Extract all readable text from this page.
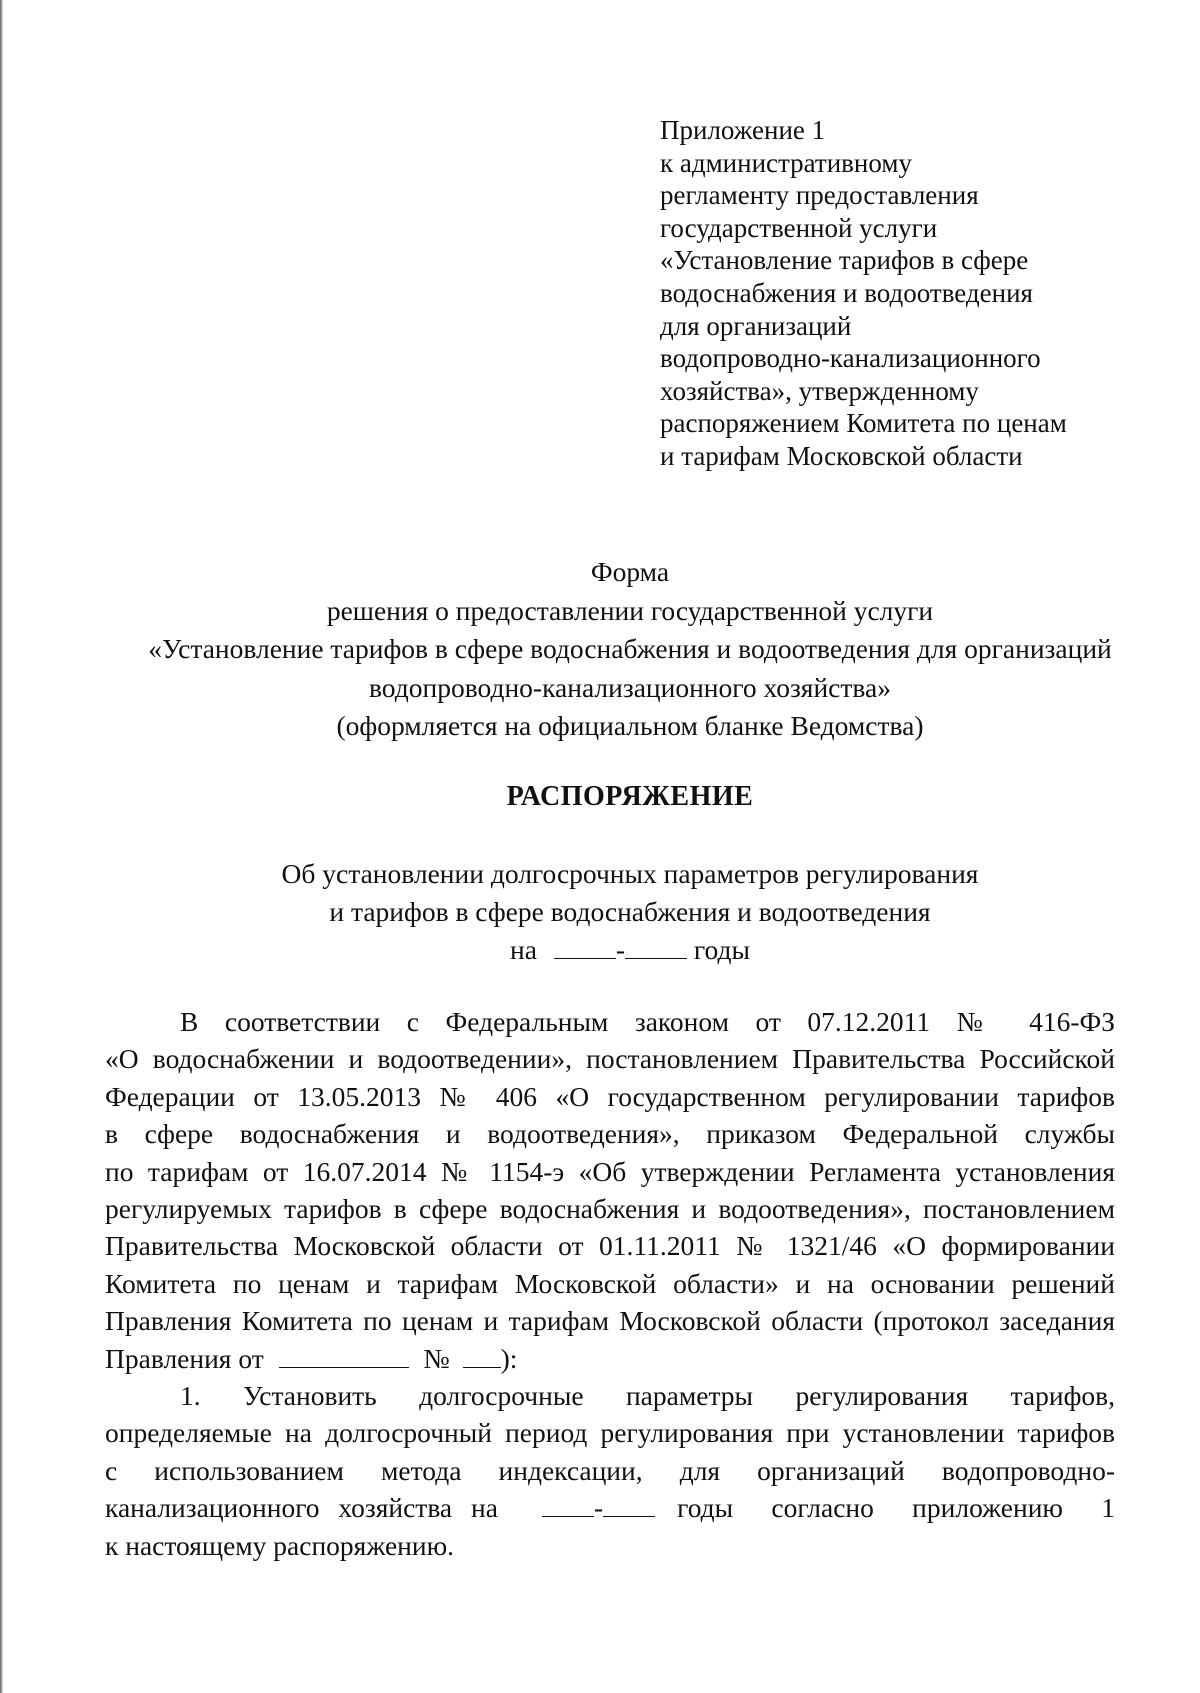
Приложение 1
к административному
регламенту предоставления
государственной услуги
«Установление тарифов в сфере
водоснабжения и водоотведения
для организаций
водопроводно-канализационного
хозяйства», утвержденному
распоряжением Комитета по ценам
и тарифам Московской области
Форма
решения о предоставлении государственной услуги
«Установление тарифов в сфере водоснабжения и водоотведения для организаций
водопроводно-канализационного хозяйства»
(оформляется на официальном бланке Ведомства)
РАСПОРЯЖЕНИЕ
Об установлении долгосрочных параметров регулирования
и тарифов в сфере водоснабжения и водоотведения
на	-	годы
В соответствии с Федеральным законом от 07.12.2011 № 416-ФЗ
«О водоснабжении и водоотведении», постановлением Правительства Российской
Федерации от 13.05.2013 № 406 «О государственном регулировании тарифов
в сфере водоснабжения и водоотведения», приказом Федеральной службы
по тарифам от 16.07.2014 № 1154-э «Об утверждении Регламента установления
регулируемых тарифов в сфере водоснабжения и водоотведения», постановлением
Правительства Московской области от 01.11.2011 № 1321/46 «О формировании
Комитета по ценам и тарифам Московской области» и на основании решений
Правления Комитета по ценам и тарифам Московской области (протокол заседания
Правления от	№ ):
1. Установить долгосрочные параметры регулирования тарифов,
определяемые на долгосрочный период регулирования при установлении тарифов
с использованием метода индексации, для организаций водопроводно-
канализационного хозяйства на	-	годы согласно приложению 1
к настоящему распоряжению.
